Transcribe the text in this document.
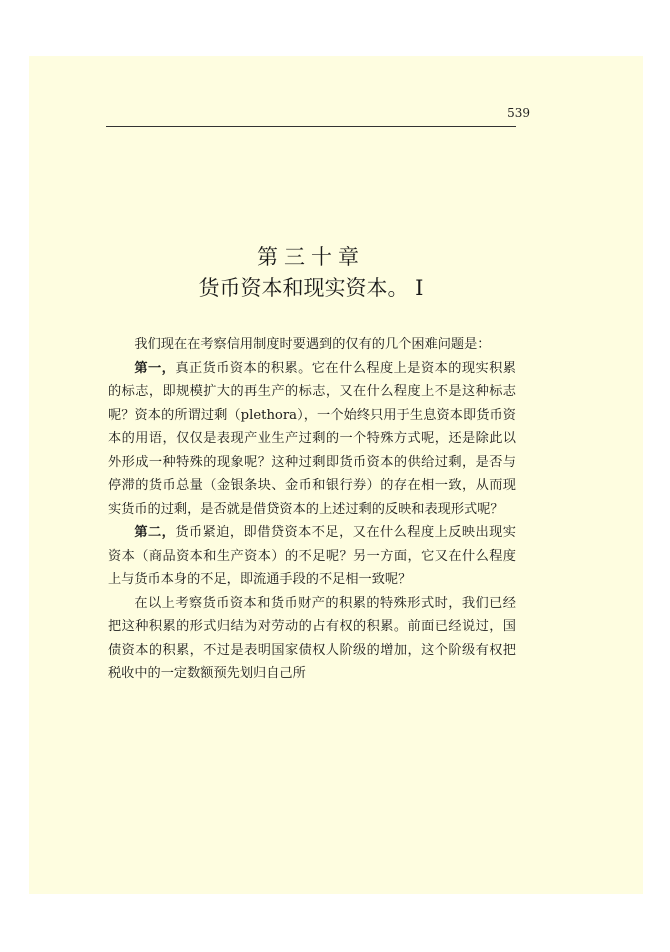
539
第三十章
货币资本和现实资本。 I

我们现在在考察信用制度时要遇到的仅有的几个困难问题是：

第一，真正货币资本的积累。它在什么程度上是资本的现实积累的标志，即规模扩大的再生产的标志，又在什么程度上不是这种标志呢？资本的所谓过剩（plethora），一个始终只用于生息资本即货币资本的用语，仅仅是表现产业生产过剩的一个特殊方式呢，还是除此以外形成一种特殊的现象呢？这种过剩即货币资本的供给过剩，是否与停滞的货币总量（金银条块、金币和银行券）的存在相一致，从而现实货币的过剩，是否就是借贷资本的上述过剩的反映和表现形式呢？

第二，货币紧迫，即借贷资本不足，又在什么程度上反映出现实资本（商品资本和生产资本）的不足呢？另一方面，它又在什么程度上与货币本身的不足，即流通手段的不足相一致呢？

在以上考察货币资本和货币财产的积累的特殊形式时，我们已经把这种积累的形式归结为对劳动的占有权的积累。前面已经说过，国债资本的积累，不过是表明国家债权人阶级的增加，这个阶级有权把税收中的一定数额预先划归自己所
